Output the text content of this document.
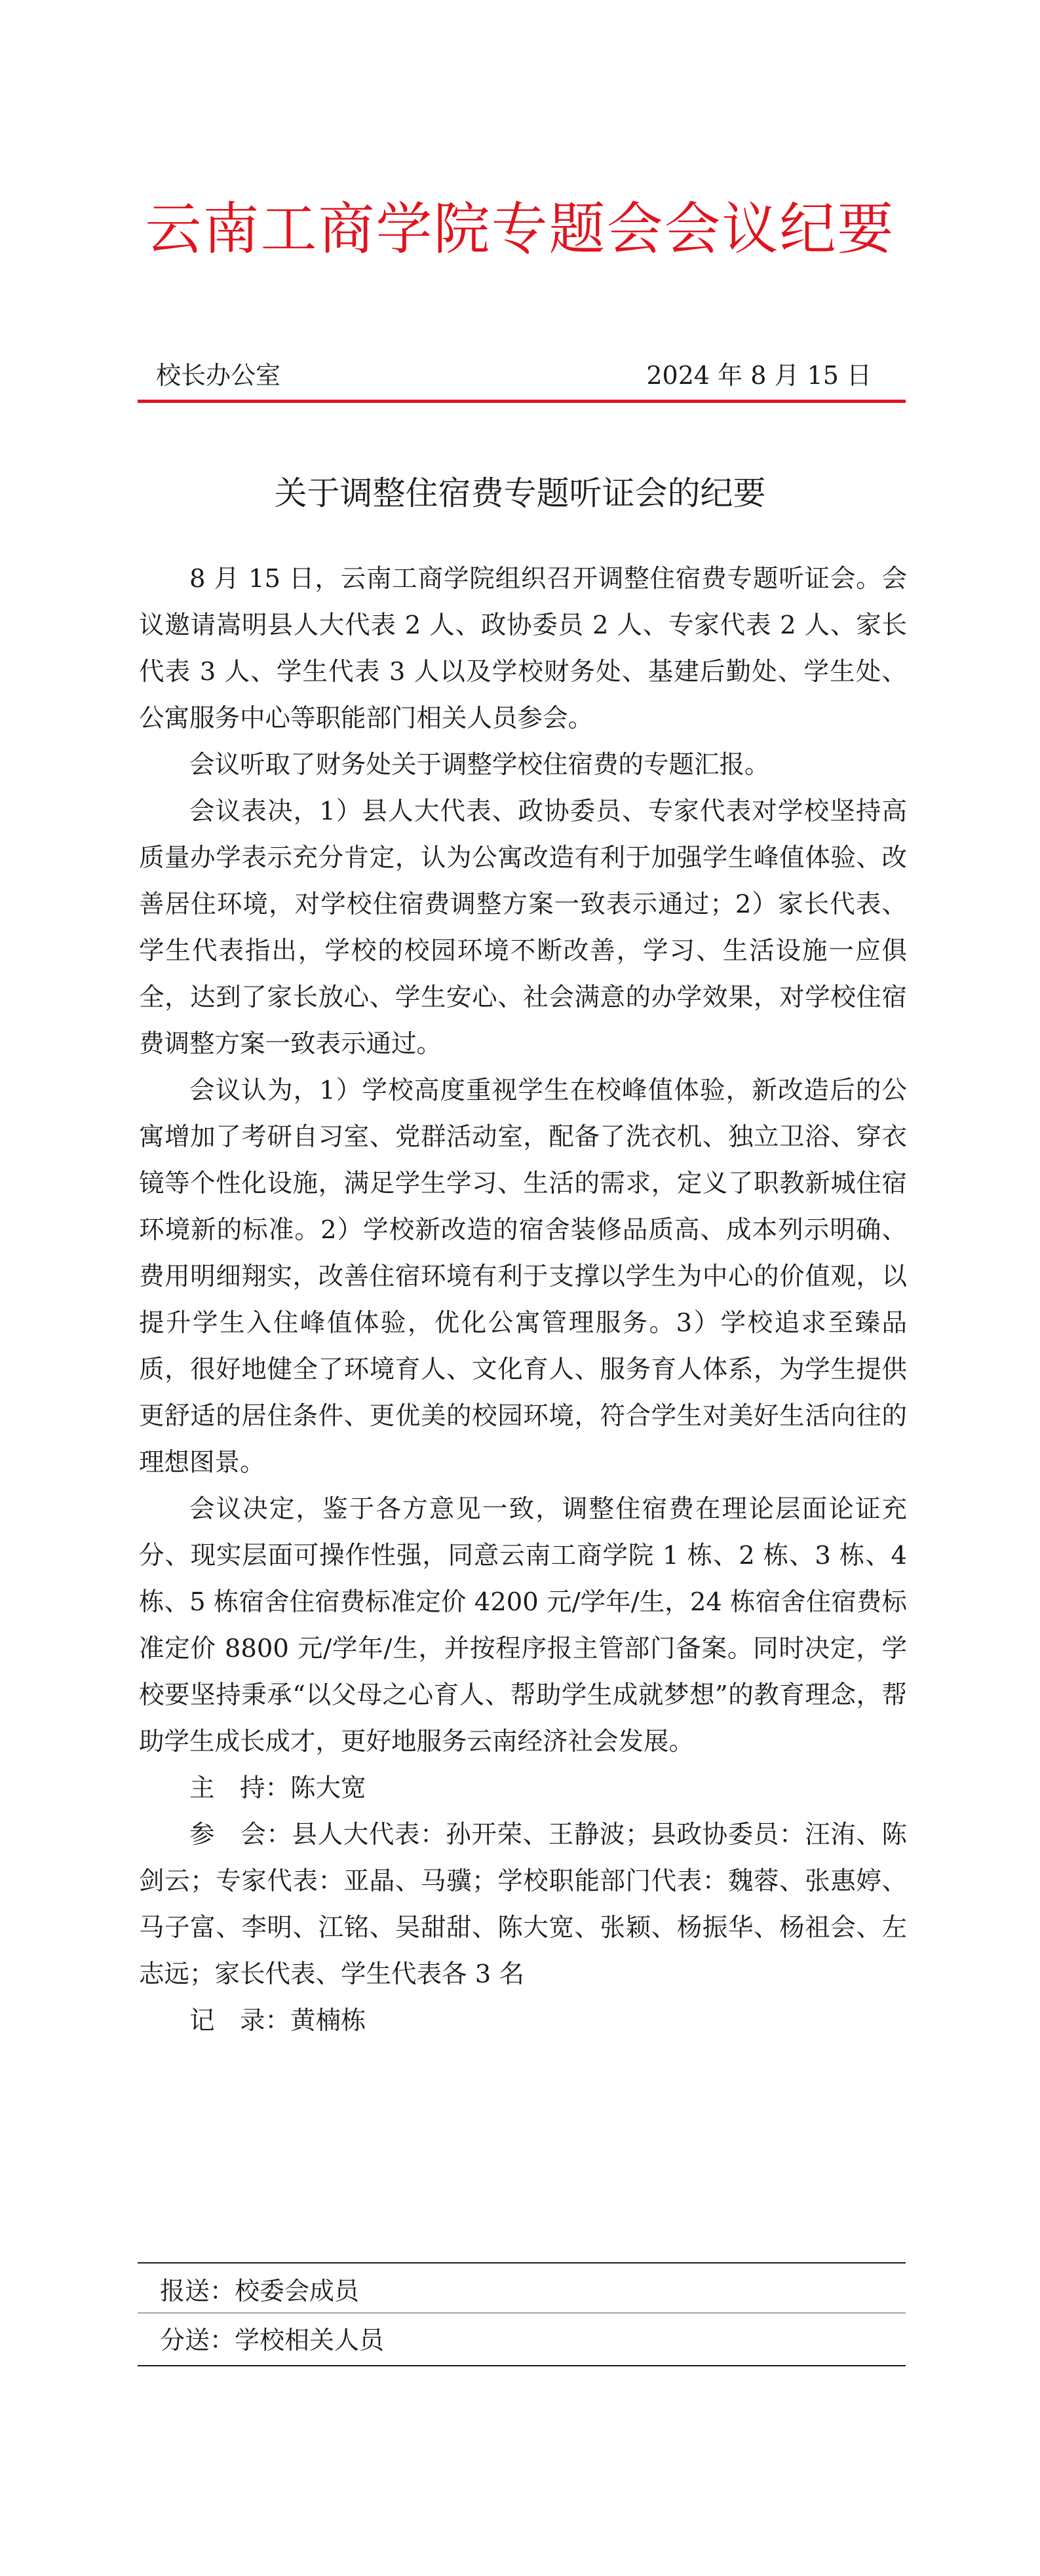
云南工商学院专题会会议纪要
校长办公室	2024 年 8 月 15 日
关于调整住宿费专题听证会的纪要

8 月 15 日，云南工商学院组织召开调整住宿费专题听证会。会议邀请嵩明县人大代表 2 人、政协委员 2 人、专家代表 2 人、家长代表 3 人、学生代表 3 人以及学校财务处、基建后勤处、学生处、公寓服务中心等职能部门相关人员参会。

会议听取了财务处关于调整学校住宿费的专题汇报。

会议表决，1）县人大代表、政协委员、专家代表对学校坚持高质量办学表示充分肯定，认为公寓改造有利于加强学生峰值体验、改善居住环境，对学校住宿费调整方案一致表示通过；2）家长代表、学生代表指出，学校的校园环境不断改善，学习、生活设施一应俱全，达到了家长放心、学生安心、社会满意的办学效果，对学校住宿费调整方案一致表示通过。

会议认为，1）学校高度重视学生在校峰值体验，新改造后的公寓增加了考研自习室、党群活动室，配备了洗衣机、独立卫浴、穿衣镜等个性化设施，满足学生学习、生活的需求，定义了职教新城住宿环境新的标准。2）学校新改造的宿舍装修品质高、成本列示明确、费用明细翔实，改善住宿环境有利于支撑以学生为中心的价值观，以提升学生入住峰值体验，优化公寓管理服务。3）学校追求至臻品质，很好地健全了环境育人、文化育人、服务育人体系，为学生提供更舒适的居住条件、更优美的校园环境，符合学生对美好生活向往的理想图景。

会议决定，鉴于各方意见一致，调整住宿费在理论层面论证充分、现实层面可操作性强，同意云南工商学院 1 栋、2 栋、3 栋、4 栋、5 栋宿舍住宿费标准定价 4200 元/学年/生，24 栋宿舍住宿费标准定价 8800 元/学年/生，并按程序报主管部门备案。同时决定，学校要坚持秉承“以父母之心育人、帮助学生成就梦想”的教育理念，帮助学生成长成才，更好地服务云南经济社会发展。

主　持：陈大宽

参　会：县人大代表：孙开荣、王静波；县政协委员：汪洧、陈剑云；专家代表：亚晶、马骥；学校职能部门代表：魏蓉、张惠婷、马子富、李明、江铭、吴甜甜、陈大宽、张颖、杨振华、杨祖会、左志远；家长代表、学生代表各 3 名

记　录：黄楠栋

报送：校委会成员
分送：学校相关人员
